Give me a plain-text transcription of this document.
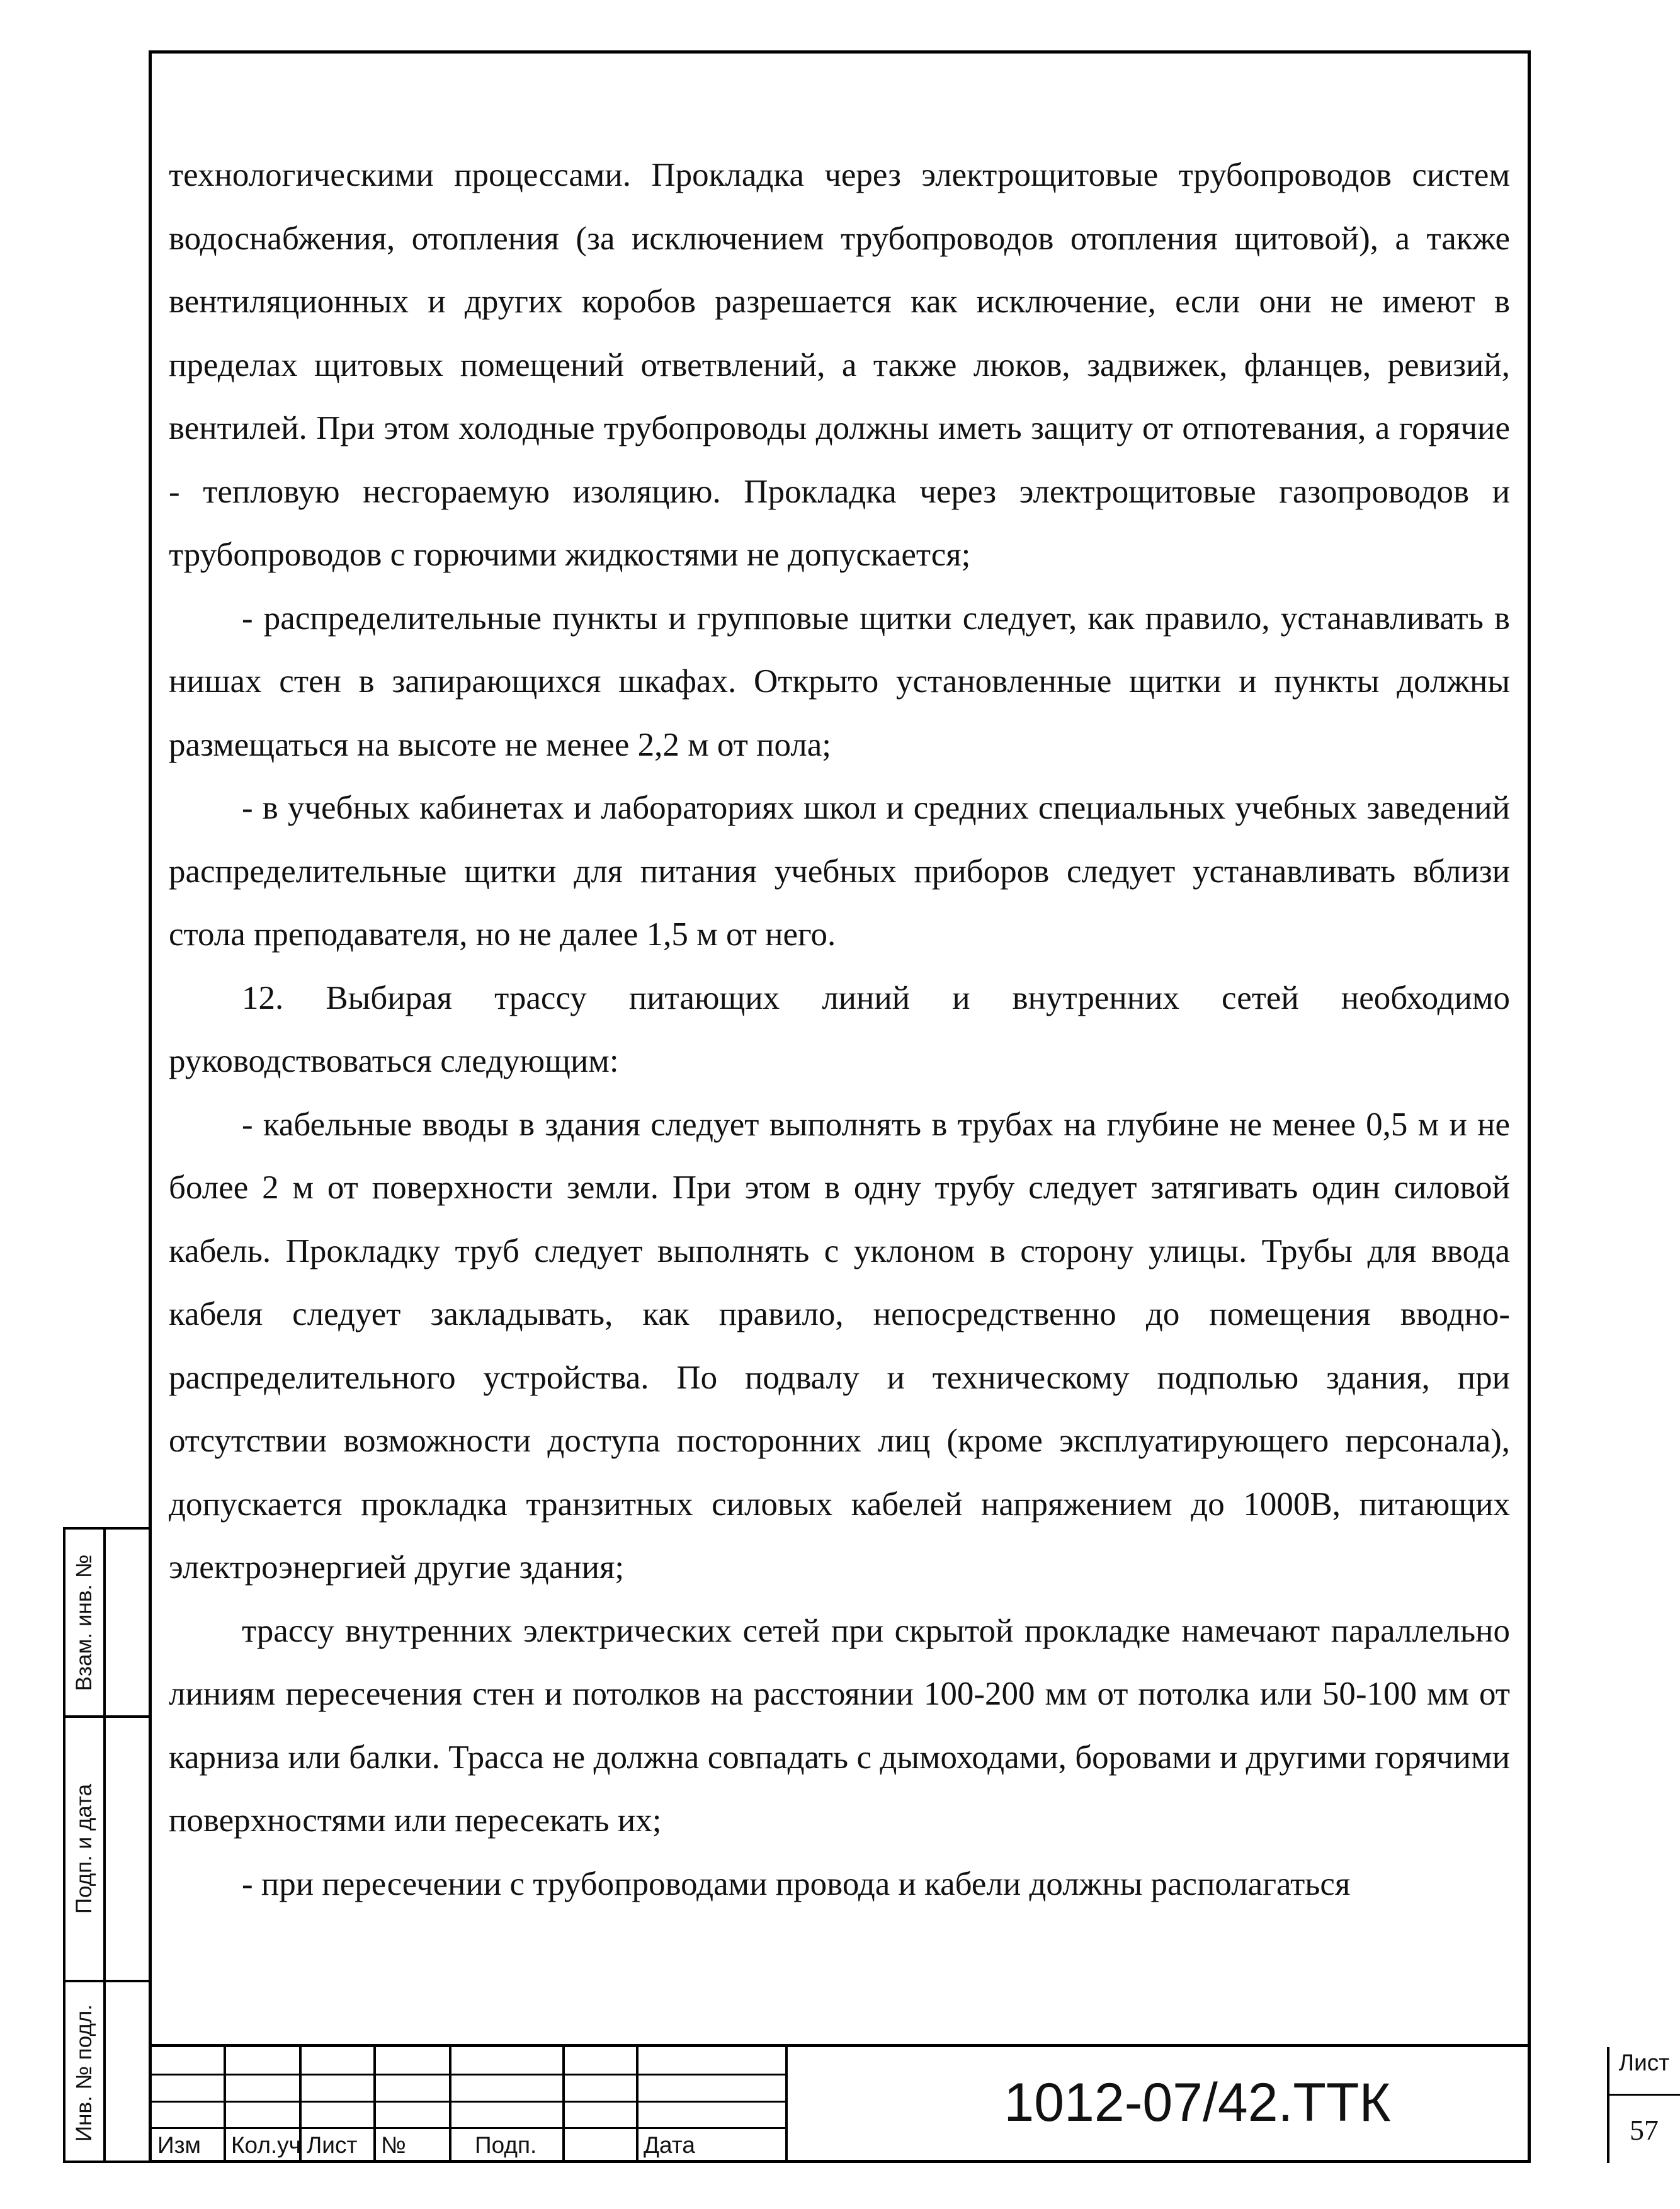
технологическими процессами. Прокладка через электрощитовые трубопроводов систем водоснабжения, отопления (за исключением трубопроводов отопления щитовой), а также вентиляционных и других коробов разрешается как исключение, если они не имеют в пределах щитовых помещений ответвлений, а также люков, задвижек, фланцев, ревизий, вентилей. При этом холодные трубопроводы должны иметь защиту от отпотевания, а горячие - тепловую несгораемую изоляцию. Прокладка через электрощитовые газопроводов и трубопроводов с горючими жидкостями не допускается;

- распределительные пункты и групповые щитки следует, как правило, устанавливать в нишах стен в запирающихся шкафах. Открыто установленные щитки и пункты должны размещаться на высоте не менее 2,2 м от пола;

- в учебных кабинетах и лабораториях школ и средних специальных учебных заведений распределительные щитки для питания учебных приборов следует устанавливать вблизи стола преподавателя, но не далее 1,5 м от него.

12. Выбирая трассу питающих линий и внутренних сетей необходимо руководствоваться следующим:

- кабельные вводы в здания следует выполнять в трубах на глубине не менее 0,5 м и не более 2 м от поверхности земли. При этом в одну трубу следует затягивать один силовой кабель. Прокладку труб следует выполнять с уклоном в сторону улицы. Трубы для ввода кабеля следует закладывать, как правило, непосредственно до помещения вводно-распределительного устройства. По подвалу и техническому подполью здания, при отсутствии возможности доступа посторонних лиц (кроме эксплуатирующего персонала), допускается прокладка транзитных силовых кабелей напряжением до 1000В, питающих электроэнергией другие здания;

трассу внутренних электрических сетей при скрытой прокладке намечают параллельно линиям пересечения стен и потолков на расстоянии 100-200 мм от потолка или 50-100 мм от карниза или балки. Трасса не должна совпадать с дымоходами, боровами и другими горячими поверхностями или пересекать их;

- при пересечении с трубопроводами провода и кабели должны располагаться

Взам. инв. №
Подп. и дата
Инв. № подл.
Изм	Кол.уч Лист	№	Подп.	Дата
1012-07/42.ТТК
Лист
57
